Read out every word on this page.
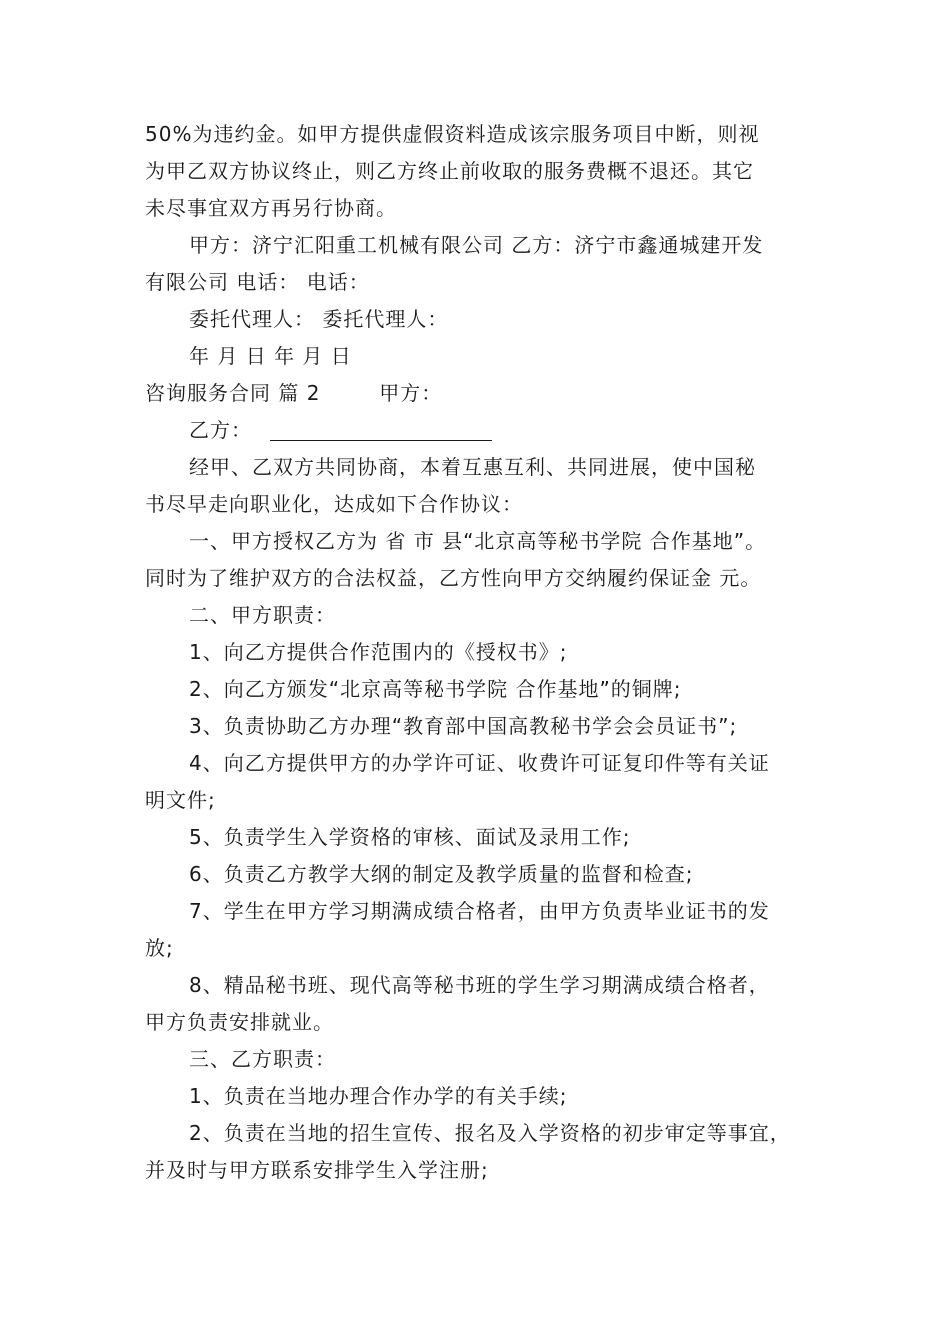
50%为违约金。如甲方提供虚假资料造成该宗服务项目中断，则视
为甲乙双方协议终止，则乙方终止前收取的服务费概不退还。其它
未尽事宜双方再另行协商。
甲方：济宁汇阳重工机械有限公司 乙方：济宁市鑫通城建开发
有限公司 电话： 电话：
委托代理人： 委托代理人：
年 月 日 年 月 日
咨询服务合同 篇 2        甲方：
乙方：
经甲、乙双方共同协商，本着互惠互利、共同进展，使中国秘
书尽早走向职业化，达成如下合作协议：
一、甲方授权乙方为 省 市 县“北京高等秘书学院 合作基地”。
同时为了维护双方的合法权益，乙方性向甲方交纳履约保证金 元。
二、甲方职责：
1、向乙方提供合作范围内的《授权书》;
2、向乙方颁发“北京高等秘书学院 合作基地”的铜牌;
3、负责协助乙方办理“教育部中国高教秘书学会会员证书”;
4、向乙方提供甲方的办学许可证、收费许可证复印件等有关证
明文件;
5、负责学生入学资格的审核、面试及录用工作;
6、负责乙方教学大纲的制定及教学质量的监督和检查;
7、学生在甲方学习期满成绩合格者，由甲方负责毕业证书的发
放;
8、精品秘书班、现代高等秘书班的学生学习期满成绩合格者，
甲方负责安排就业。
三、乙方职责：
1、负责在当地办理合作办学的有关手续;
2、负责在当地的招生宣传、报名及入学资格的初步审定等事宜，
并及时与甲方联系安排学生入学注册;
